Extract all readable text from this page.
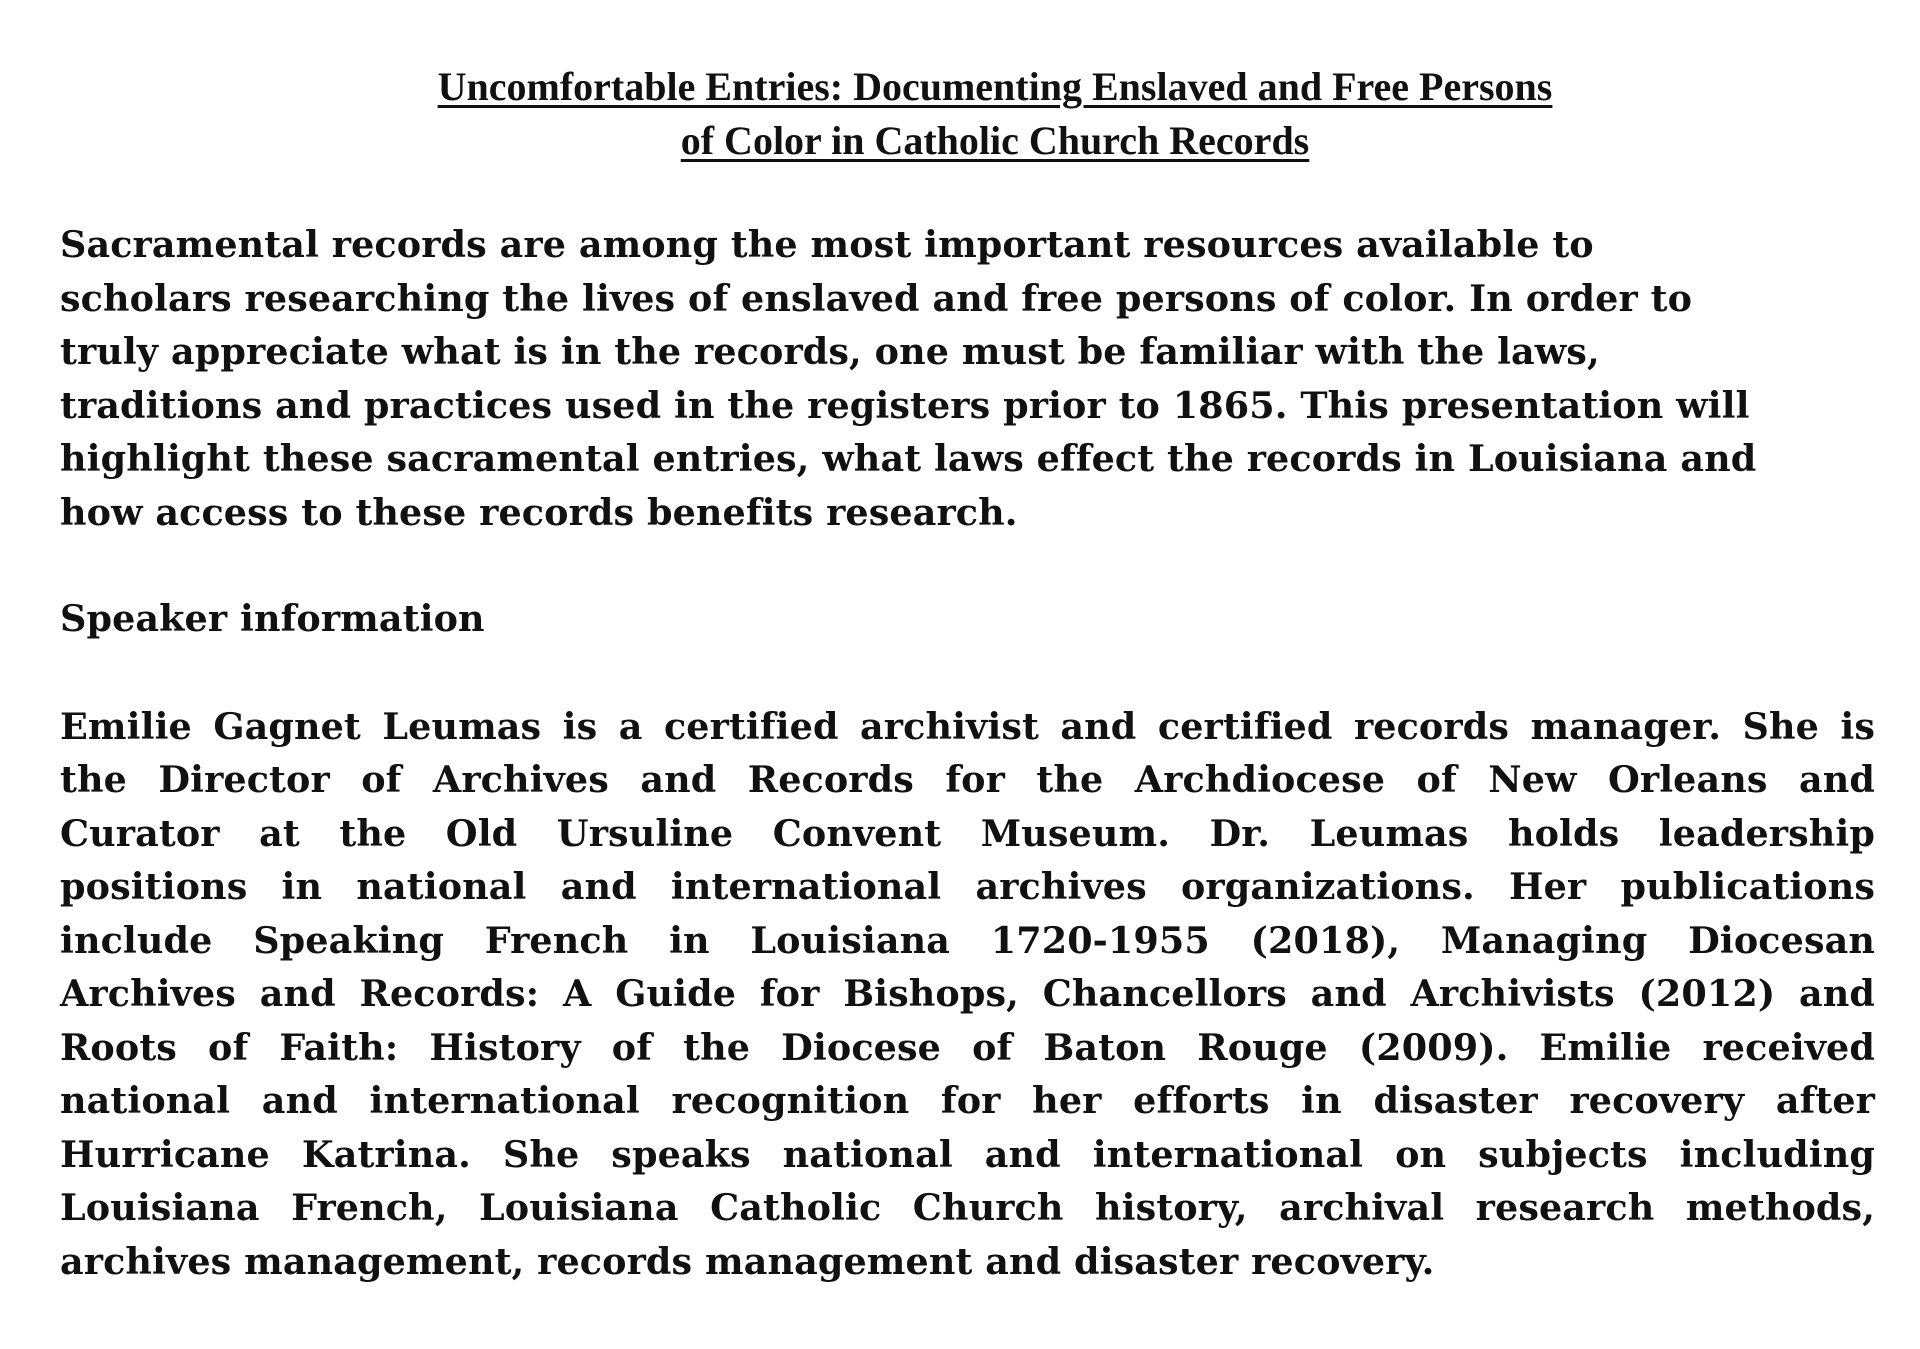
Uncomfortable Entries: Documenting Enslaved and Free Persons
of Color in Catholic Church Records

Sacramental records are among the most important resources available to
scholars researching the lives of enslaved and free persons of color. In order to
truly appreciate what is in the records, one must be familiar with the laws,
traditions and practices used in the registers prior to 1865. This presentation will
highlight these sacramental entries, what laws effect the records in Louisiana and
how access to these records benefits research.

Speaker information

Emilie Gagnet Leumas is a certified archivist and certified records manager. She is
the Director of Archives and Records for the Archdiocese of New Orleans and
Curator at the Old Ursuline Convent Museum. Dr. Leumas holds leadership
positions in national and international archives organizations. Her publications
include Speaking French in Louisiana 1720-1955 (2018), Managing Diocesan
Archives and Records: A Guide for Bishops, Chancellors and Archivists (2012) and
Roots of Faith: History of the Diocese of Baton Rouge (2009). Emilie received
national and international recognition for her efforts in disaster recovery after
Hurricane Katrina. She speaks national and international on subjects including
Louisiana French, Louisiana Catholic Church history, archival research methods,
archives management, records management and disaster recovery.
